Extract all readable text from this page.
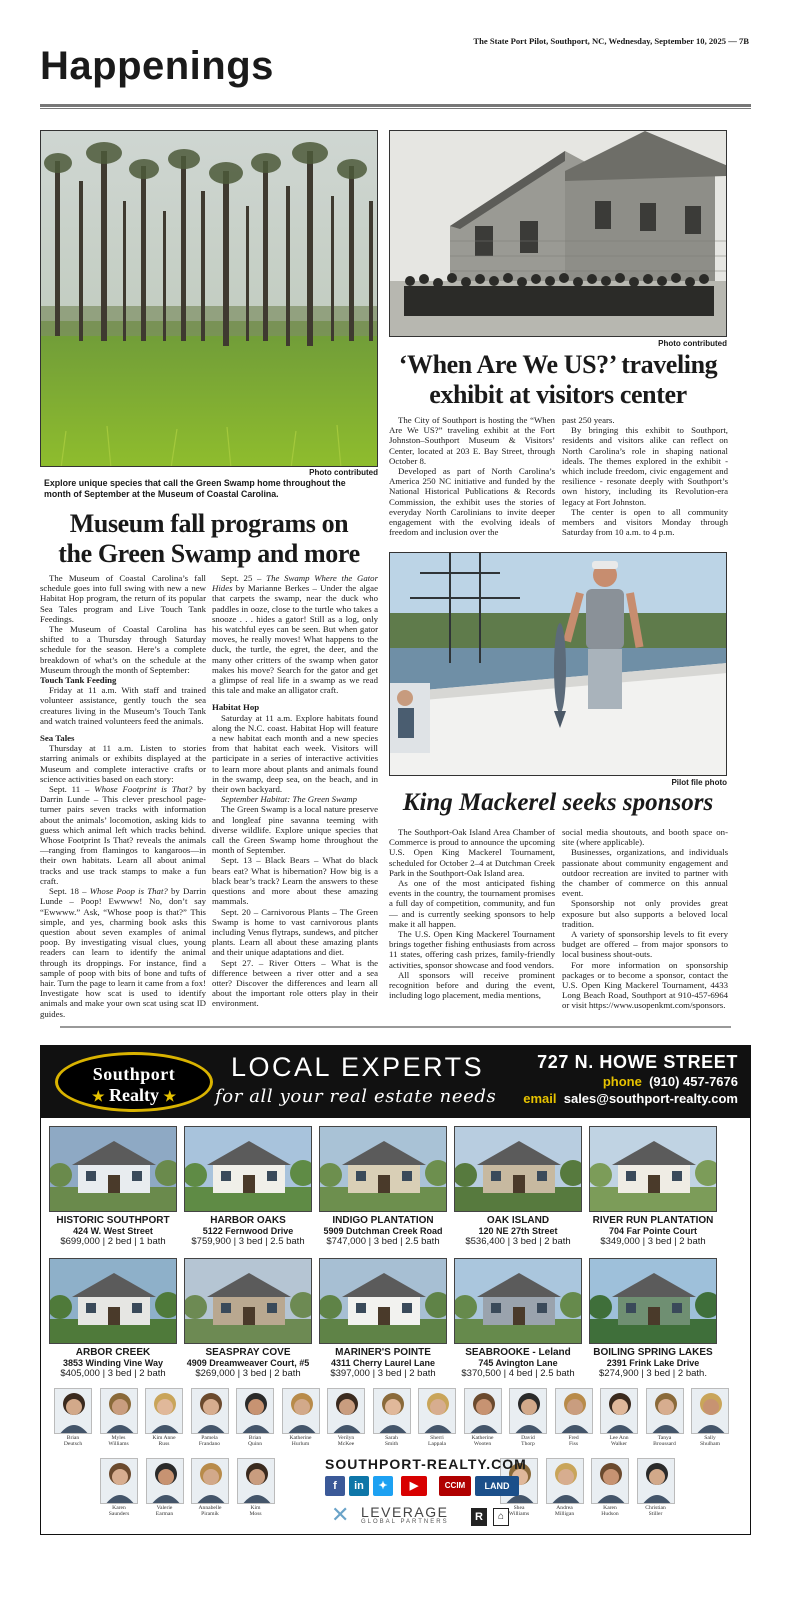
The State Port Pilot, Southport, NC, Wednesday, September 10, 2025 — 7B
Happenings
Photo contributed
Explore unique species that call the Green Swamp home throughout the month of September at the Museum of Coastal Carolina.
Museum fall programs on
the Green Swamp and more

The Museum of Coastal Carolina’s fall schedule goes into full swing with new a new Habitat Hop program, the return of its popular Sea Tales program and Live Touch Tank Feedings.

The Museum of Coastal Carolina has shifted to a Thursday through Saturday schedule for the season. Here’s a complete breakdown of what’s on the schedule at the Museum through the month of September:

Touch Tank Feeding

Friday at 11 a.m. With staff and trained volunteer assistance, gently touch the sea creatures living in the Museum’s Touch Tank and watch trained volunteers feed the animals.

Sea Tales

Thursday at 11 a.m. Listen to stories starring animals or exhibits displayed at the Museum and complete interactive crafts or science activities based on each story:

Sept. 11 – Whose Footprint is That? by Darrin Lunde – This clever preschool page-turner pairs seven tracks with information about the animals’ locomotion, asking kids to guess which animal left which tracks behind. Whose Footprint Is That? reveals the animals—ranging from flamingos to kangaroos—in their own habitats. Learn all about animal tracks and use track stamps to make a fun craft.

Sept. 18 – Whose Poop is That? by Darrin Lunde – Poop! Ewwww! No, don’t say “Ewwww.” Ask, “Whose poop is that?” This simple, and yes, charming book asks this question about seven examples of animal poop. By investigating visual clues, young readers can learn to identify the animal through its droppings. For instance, find a sample of poop with bits of bone and tufts of hair. Turn the page to learn it came from a fox! Investigate how scat is used to identify animals and make your own scat using scat ID guides.

Sept. 25 – The Swamp Where the Gator Hides by Marianne Berkes – Under the algae that carpets the swamp, near the duck who paddles in ooze, close to the turtle who takes a snooze . . . hides a gator! Still as a log, only his watchful eyes can be seen. But when gator moves, he really moves! What happens to the duck, the turtle, the egret, the deer, and the many other critters of the swamp when gator makes his move? Search for the gator and get a glimpse of real life in a swamp as we read this tale and make an alligator craft.

Habitat Hop

Saturday at 11 a.m. Explore habitats found along the N.C. coast. Habitat Hop will feature a new habitat each month and a new species from that habitat each week. Visitors will participate in a series of interactive activities to learn more about plants and animals found in the swamp, deep sea, on the beach, and in their own backyard.

September Habitat: The Green Swamp

The Green Swamp is a local nature preserve and longleaf pine savanna teeming with diverse wildlife. Explore unique species that call the Green Swamp home throughout the month of September.

Sept. 13 – Black Bears – What do black bears eat? What is hibernation? How big is a black bear’s track? Learn the answers to these questions and more about these amazing mammals.

Sept. 20 – Carnivorous Plants – The Green Swamp is home to vast carnivorous plants including Venus flytraps, sundews, and pitcher plants. Learn all about these amazing plants and their unique adaptations and diet.

Sept 27. – River Otters – What is the difference between a river otter and a sea otter? Discover the differences and learn all about the important role otters play in their environment.

Photo contributed
‘When Are We US?’ traveling
exhibit at visitors center

The City of Southport is hosting the “When Are We US?” traveling exhibit at the Fort Johnston–Southport Museum & Visitors’ Center, located at 203 E. Bay Street, through October 8.

Developed as part of North Carolina’s America 250 NC initiative and funded by the National Historical Publications & Records Commission, the exhibit uses the stories of everyday North Carolinians to invite deeper engagement with the evolving ideals of freedom and inclusion over the

past 250 years.

By bringing this exhibit to Southport, residents and visitors alike can reflect on North Carolina’s role in shaping national ideals. The themes explored in the exhibit - which include freedom, civic engagement and resilience - resonate deeply with Southport’s own history, including its Revolution-era legacy at Fort Johnston.

The center is open to all community members and visitors Monday through Saturday from 10 a.m. to 4 p.m.

Pilot file photo
King Mackerel seeks sponsors

The Southport-Oak Island Area Chamber of Commerce is proud to announce the upcoming U.S. Open King Mackerel Tournament, scheduled for October 2–4 at Dutchman Creek Park in the Southport-Oak Island area.

As one of the most anticipated fishing events in the country, the tournament promises a full day of competition, community, and fun — and is currently seeking sponsors to help make it all happen.

The U.S. Open King Mackerel Tournament brings together fishing enthusiasts from across 11 states, offering cash prizes, family-friendly activities, sponsor showcase and food vendors.

All sponsors will receive prominent recognition before and during the event, including logo placement, media mentions,

social media shoutouts, and booth space on-site (where applicable).

Businesses, organizations, and individuals passionate about community engagement and outdoor recreation are invited to partner with the chamber of commerce on this annual event.

Sponsorship not only provides great exposure but also supports a beloved local tradition.

A variety of sponsorship levels to fit every budget are offered – from major sponsors to local business shout-outs.

For more information on sponsorship packages or to become a sponsor, contact the U.S. Open King Mackerel Tournament, 4433 Long Beach Road, Southport at 910-457-6964 or visit https://www.usopenkmt.com/sponsors.

Southport
★ Realty ★
LOCAL EXPERTS
for all your real estate needs
727 N. HOWE STREET
phone (910) 457-7676
email sales@southport-realty.com
HISTORIC SOUTHPORT
424 W. West Street
$699,000 | 2 bed | 1 bath
HARBOR OAKS
5122 Fernwood Drive
$759,900 | 3 bed | 2.5 bath
INDIGO PLANTATION
5909 Dutchman Creek Road
$747,000 | 3 bed | 2.5 bath
OAK ISLAND
120 NE 27th Street
$536,400 | 3 bed | 2 bath
RIVER RUN PLANTATION
704 Far Pointe Court
$349,000 | 3 bed | 2 bath
ARBOR CREEK
3853 Winding Vine Way
$405,000 | 3 bed | 2 bath
SEASPRAY COVE
4909 Dreamweaver Court, #5
$269,000 | 3 bed | 2 bath
MARINER'S POINTE
4311 Cherry Laurel Lane
$397,000 | 3 bed | 2 bath
SEABROOKE - Leland
745 Avington Lane
$370,500 | 4 bed | 2.5 bath
BOILING SPRING LAKES
2391 Frink Lake Drive
$274,900 | 3 bed | 2 bath.
Brian
Deutsch
Myles
Williams
Kim Anne
Russ
Pamela
Frandano
Brian
Quinn
Katherine
Hurlum
Verilyn
McKee
Sarah
Smith
Sherri
Lappala
Katherine
Wooten
David
Thorp
Fred
Fiss
Lee Ann
Walker
Tanya
Broussard
Sally
Shulham
Karen
Saunders
Valerie
Earman
Annabelle
Piramik
Kim
Moss
Shea
Williams
Andrea
Milligan
Karen
Hudson
Christian
Stiller
SOUTHPORT-REALTY.COM
f	in	✦	▶	CCIM	LAND
✕ LEVERAGE
GLOBAL PARTNERS	R	⌂
